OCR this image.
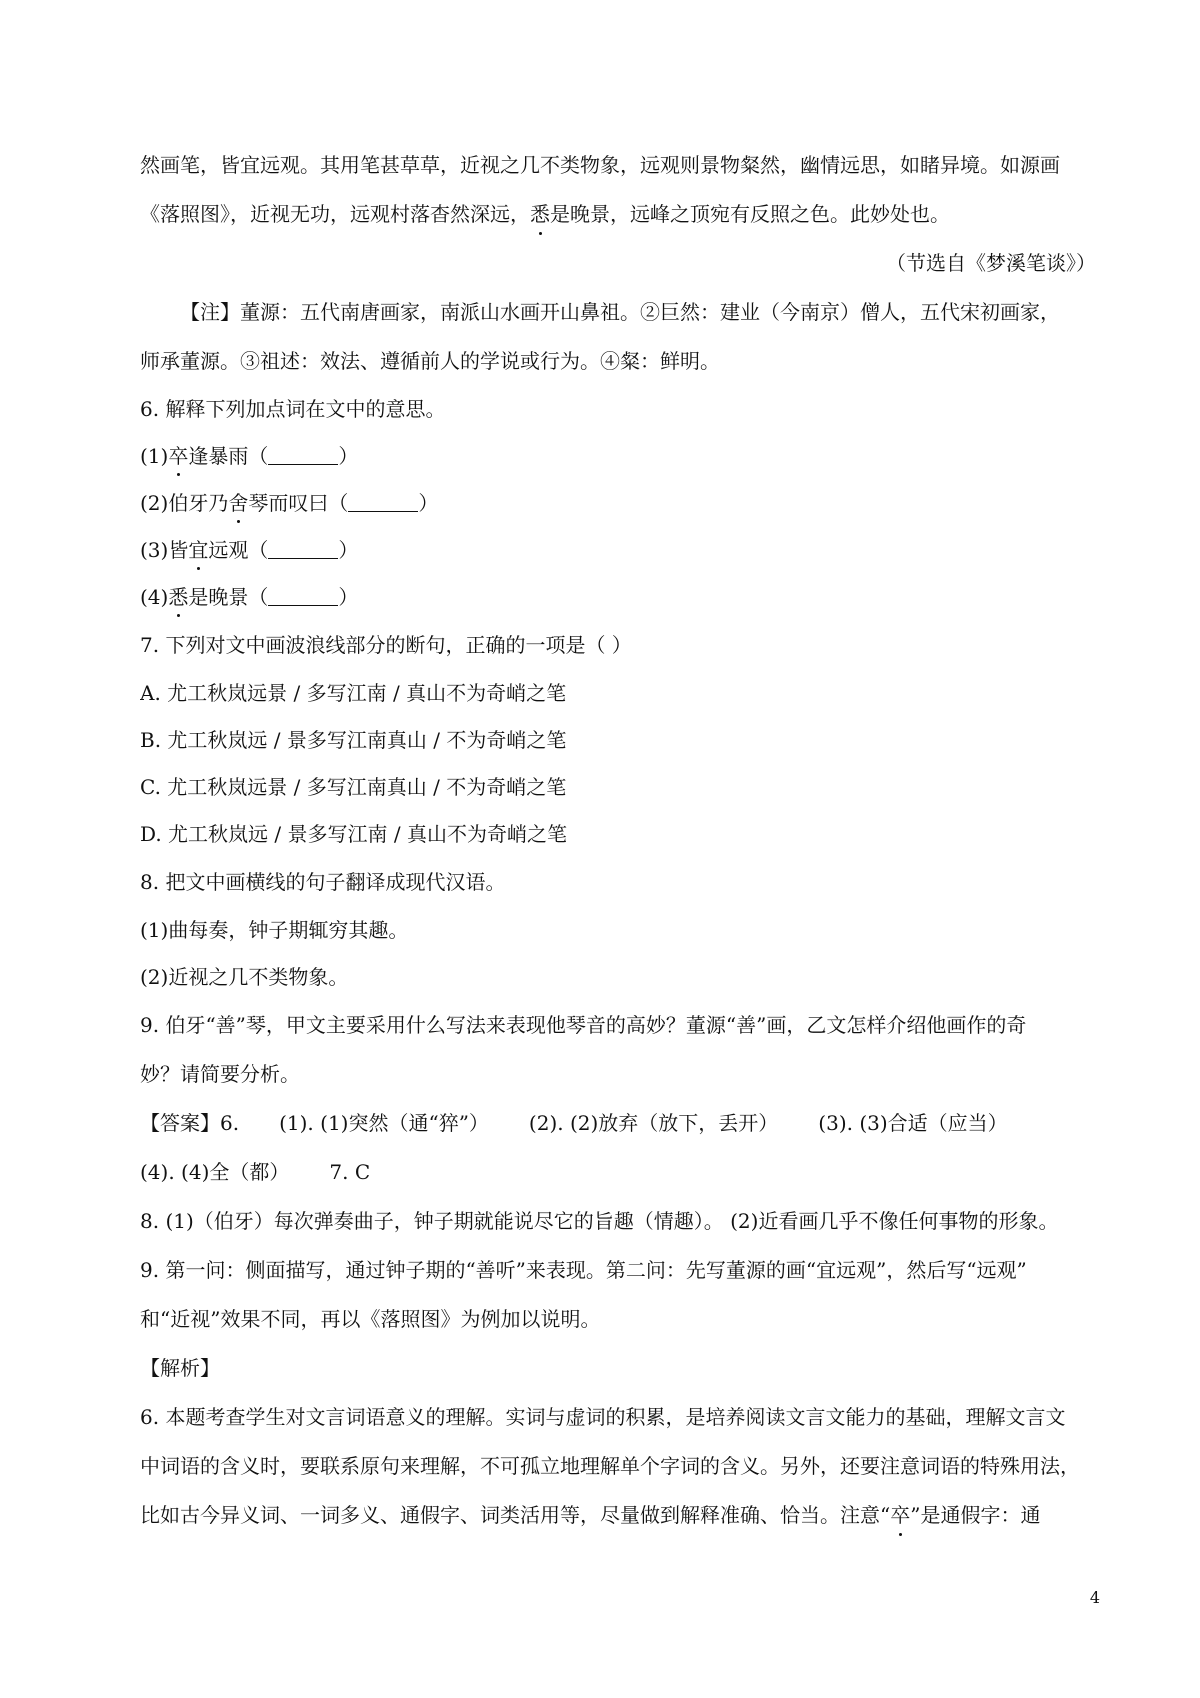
然画笔，皆宜远观。其用笔甚草草，近视之几不类物象，远观则景物粲然，幽情远思，如睹异境。如源画
《落照图》，近视无功，远观村落杳然深远，悉是晚景，远峰之顶宛有反照之色。此妙处也。
（节选自《梦溪笔谈》）
【注】董源：五代南唐画家，南派山水画开山鼻祖。②巨然：建业（今南京）僧人，五代宋初画家，
师承董源。③祖述：效法、遵循前人的学说或行为。④粲：鲜明。
6. 解释下列加点词在文中的意思。
(1)卒逢暴雨（	）
(2)伯牙乃舍琴而叹曰（	）
(3)皆宜远观（	）
(4)悉是晚景（	）
7. 下列对文中画波浪线部分的断句，正确的一项是（ ）
A. 尤工秋岚远景 / 多写江南 / 真山不为奇峭之笔
B. 尤工秋岚远 / 景多写江南真山 / 不为奇峭之笔
C. 尤工秋岚远景 / 多写江南真山 / 不为奇峭之笔
D. 尤工秋岚远 / 景多写江南 / 真山不为奇峭之笔
8. 把文中画横线的句子翻译成现代汉语。
(1)曲每奏，钟子期辄穷其趣。
(2)近视之几不类物象。
9. 伯牙“善”琴，甲文主要采用什么写法来表现他琴音的高妙？董源“善”画，乙文怎样介绍他画作的奇
妙？请简要分析。
【答案】6. (1). (1)突然（通“猝”） (2). (2)放弃（放下，丢开） (3). (3)合适（应当）
(4). (4)全（都） 7. C
8. (1)（伯牙）每次弹奏曲子，钟子期就能说尽它的旨趣（情趣）。 (2)近看画几乎不像任何事物的形象。
9. 第一问：侧面描写，通过钟子期的“善听”来表现。第二问：先写董源的画“宜远观”，然后写“远观”
和“近视”效果不同，再以《落照图》为例加以说明。
【解析】
6. 本题考查学生对文言词语意义的理解。实词与虚词的积累，是培养阅读文言文能力的基础，理解文言文
中词语的含义时，要联系原句来理解，不可孤立地理解单个字词的含义。另外，还要注意词语的特殊用法，
比如古今异义词、一词多义、通假字、词类活用等，尽量做到解释准确、恰当。注意“卒”是通假字：通
4
